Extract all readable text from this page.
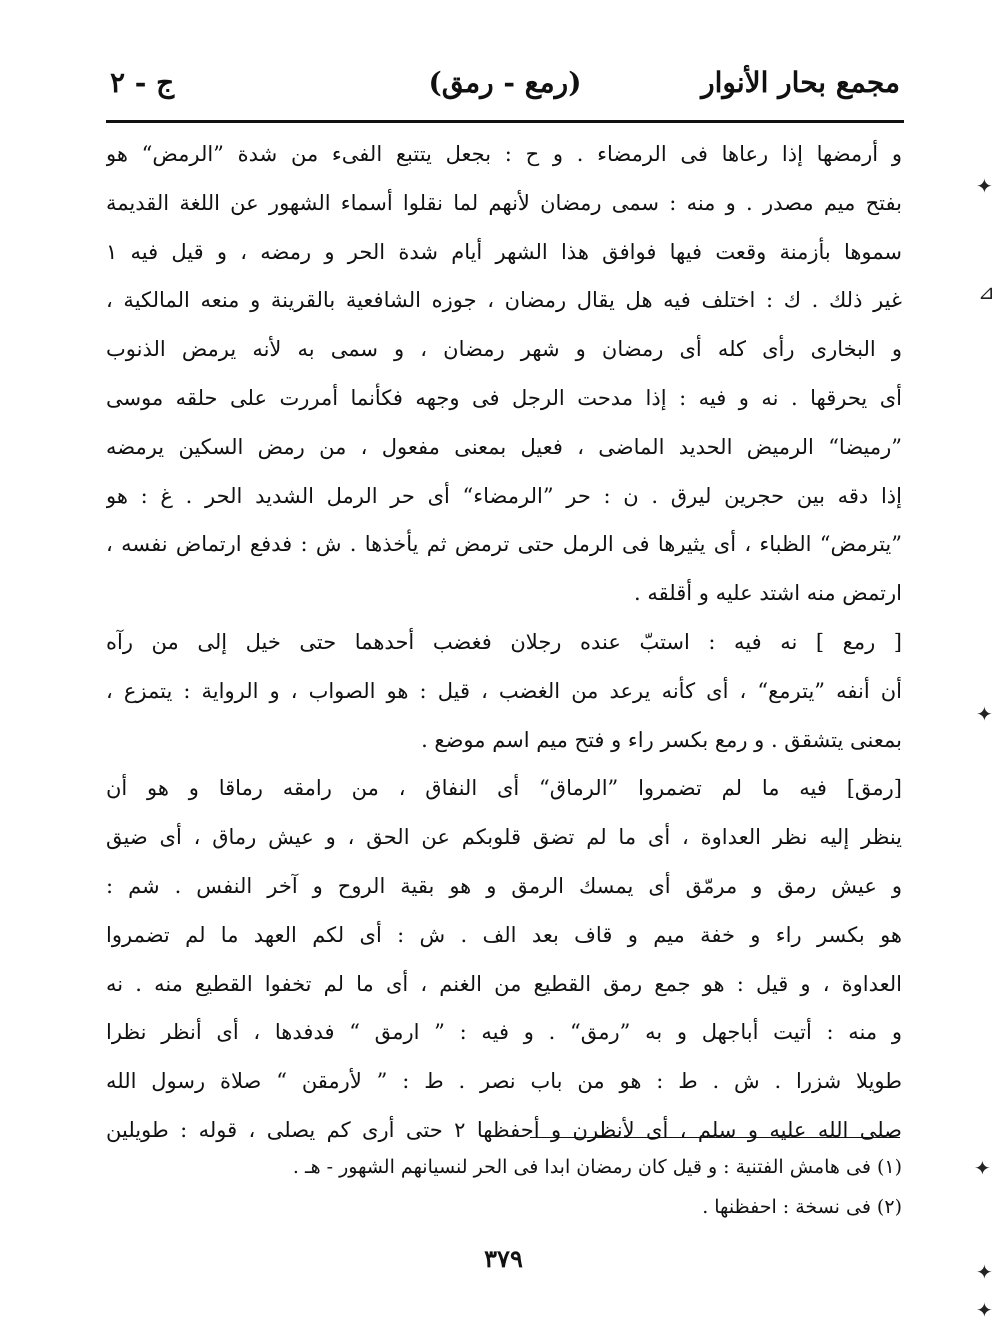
مجمع بحار الأنوار
(رمع - رمق)
ج - ٢
و أرمضها إذا رعاها فى الرمضاء . و ح : بجعل يتتبع الفىء من شدة ”الرمض“ هو
بفتح ميم مصدر . و منه : سمى رمضان لأنهم لما نقلوا أسماء الشهور عن اللغة القديمة
سموها بأزمنة وقعت فيها فوافق هذا الشهر أيام شدة الحر و رمضه ، و قيل فيه ١
غير ذلك . ك : اختلف فيه هل يقال رمضان ، جوزه الشافعية بالقرينة و منعه المالكية ،
و البخارى رأى كله أى رمضان و شهر رمضان ، و سمى به لأنه يرمض الذنوب
أى يحرقها . نه و فيه : إذا مدحت الرجل فى وجهه فكأنما أمررت على حلقه موسى
”رميضا“ الرميض الحديد الماضى ، فعيل بمعنى مفعول ، من رمض السكين يرمضه
إذا دقه بين حجرين ليرق . ن : حر ”الرمضاء“ أى حر الرمل الشديد الحر . غ : هو
”يترمض“ الظباء ، أى يثيرها فى الرمل حتى ترمض ثم يأخذها . ش : فدفع ارتماض نفسه ،
ارتمض منه اشتد عليه و أقلقه .
[ رمع ] نه فيه : استبّ عنده رجلان فغضب أحدهما حتى خيل إلى من رآه
أن أنفه ”يترمع“ ، أى كأنه يرعد من الغضب ، قيل : هو الصواب ، و الرواية : يتمزع ،
بمعنى يتشقق . و رمع بكسر راء و فتح ميم اسم موضع .
[رمق] فيه ما لم تضمروا ”الرماق“ أى النفاق ، من رامقه رماقا و هو أن
ينظر إليه نظر العداوة ، أى ما لم تضق قلوبكم عن الحق ، و عيش رماق ، أى ضيق
و عيش رمق و مرمّق أى يمسك الرمق و هو بقية الروح و آخر النفس . شم :
هو بكسر راء و خفة ميم و قاف بعد الف . ش : أى لكم العهد ما لم تضمروا
العداوة ، و قيل : هو جمع رمق القطيع من الغنم ، أى ما لم تخفوا القطيع منه . نه
و منه : أتيت أباجهل و به ”رمق“ . و فيه : ” ارمق “ فدفدها ، أى أنظر نظرا
طويلا شزرا . ش . ط : هو من باب نصر . ط : ” لأرمقن “ صلاة رسول الله
صلى الله عليه و سلم ، أى لأنظرن و أحفظها ٢ حتى أرى كم يصلى ، قوله : طويلين
(١) فى هامش الفتنية : و قيل كان رمضان ابدا فى الحر لنسيانهم الشهور - هـ .
(٢) فى نسخة : احفظنها .
٣٧٩
✦
⊿
✦
✦
✦
✦
